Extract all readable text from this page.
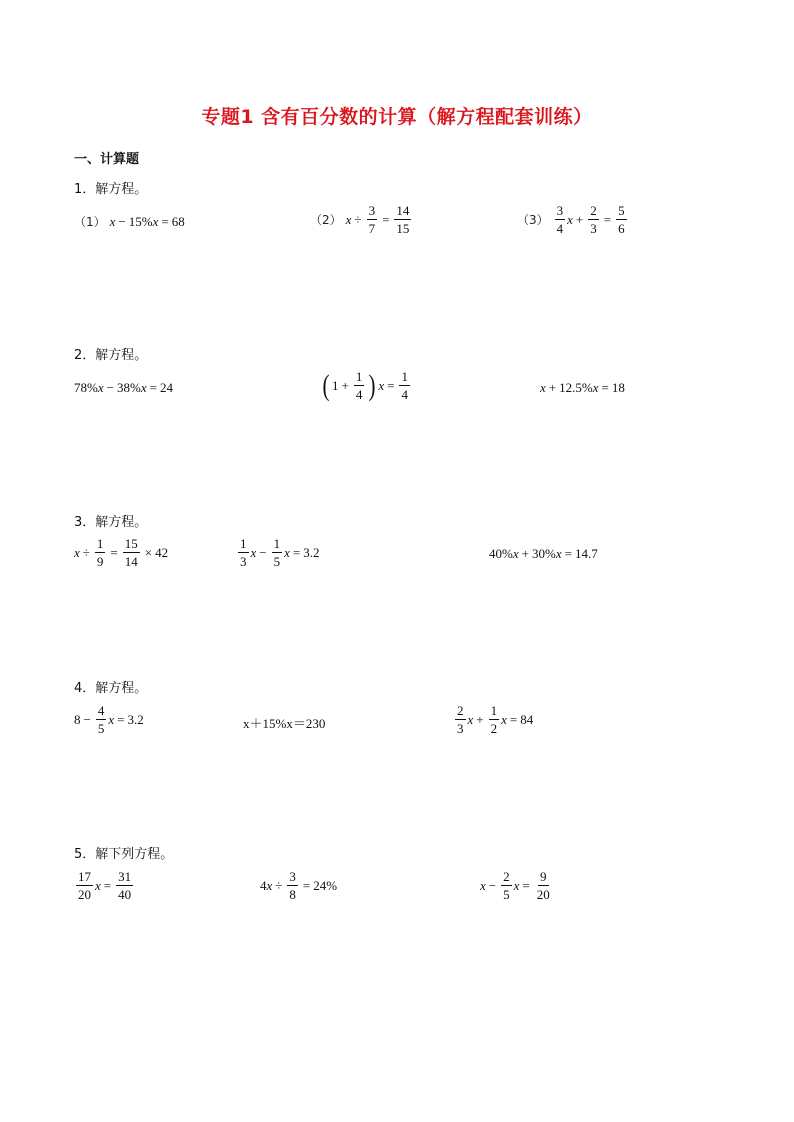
专题1 含有百分数的计算（解方程配套训练）
一、计算题
1．解方程。
（1） x − 15% x = 68	（2） $x \div \frac{3}{7} = \frac{14}{15}$	$(3) \frac{3}{4}$ $x + \frac{2}{3} = \frac{5}{6}$
2．解方程。
78% x − 38% x = 24	( $1 + \frac{1}{4}$ ) $x = \frac{1}{4}$	x + 12.5% x = 18
3．解方程。
$x \div \frac{1}{9} = \frac{15}{14} \times 42$	$\frac{1}{3}$ $x - \frac{1}{5}$ x = 3.2	40% x + 30% x = 14.7
4．解方程。
$8 - \frac{4}{5}$ x = 3.2	x＋15%x＝230	$\frac{2}{3}$ $x + \frac{1}{2}$ x = 84
5．解下列方程。
$\frac{17}{20}$ $x = \frac{31}{40}$	4 $x \div \frac{3}{8} = 24\%$	$x - \frac{2}{5}$ $x = \frac{9}{20}$
